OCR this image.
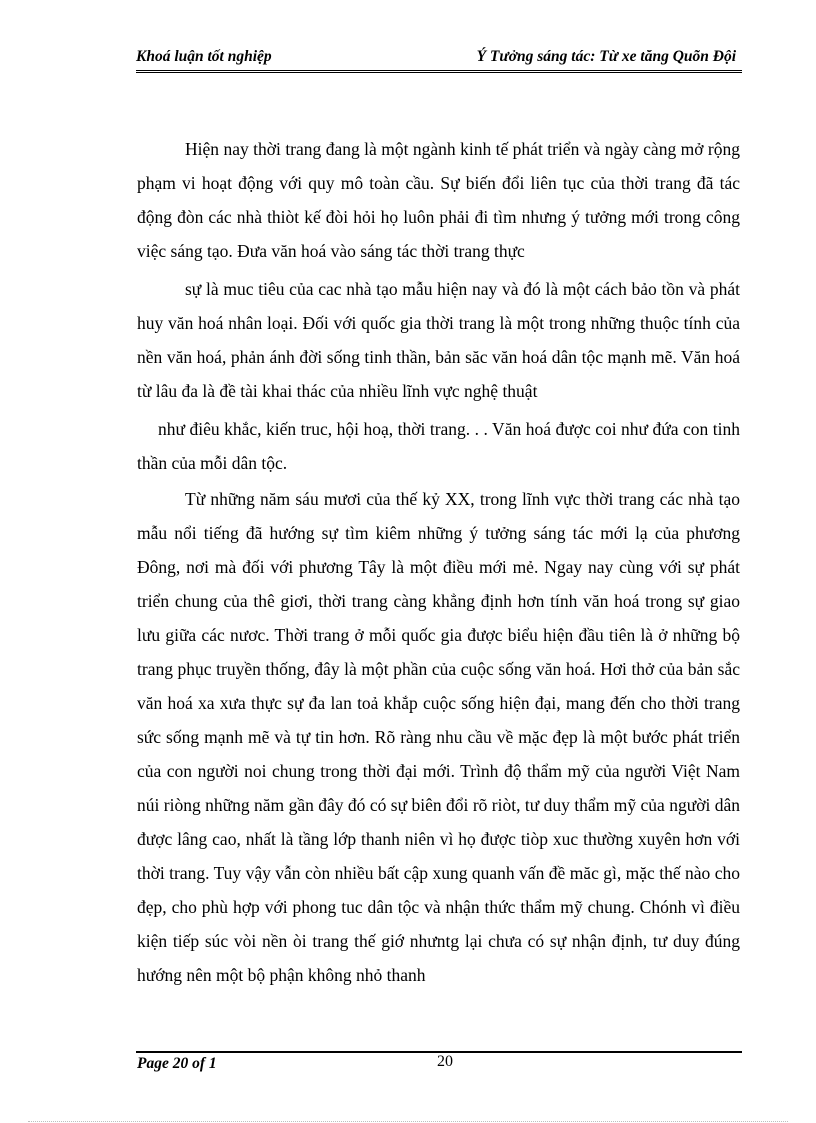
Khoá luận tốt nghiệp	Ý Tưởng sáng tác: Từ xe tăng Quõn Đội

Hiện nay thời trang đang là một ngành kinh tế phát triển và ngày càng mở rộng phạm vi hoạt động với quy mô toàn cầu. Sự biến đổi liên tục của thời trang đã tác động đòn các nhà thiòt kế đòi hỏi họ luôn phải đi tìm nhưng ý tưởng mới trong công việc sáng tạo. Đưa văn hoá vào sáng tác thời trang thực

sự là muc tiêu của cac nhà tạo mẫu hiện nay và đó là một cách bảo tồn và phát huy văn hoá nhân loại. Đối với quốc gia thời trang là một trong những thuộc tính của nền văn hoá, phản ánh đời sống tinh thần, bản săc văn hoá dân tộc mạnh mẽ. Văn hoá từ lâu đa là đề tài khai thác của nhiều lĩnh vực nghệ thuật

như điêu khắc, kiến truc, hội hoạ, thời trang. . . Văn hoá được coi như đứa con tinh thần của mỗi dân tộc.

Từ những năm sáu mươi của thế kỷ XX, trong lĩnh vực thời trang các nhà tạo mẫu nổi tiếng đã hướng sự tìm kiêm những ý tưởng sáng tác mới lạ của phương Đông, nơi mà đối với phương Tây là một điều mới mẻ. Ngay nay cùng với sự phát triển chung của thê giơi, thời trang càng khẳng định hơn tính văn hoá trong sự giao lưu giữa các nươc. Thời trang ở mỗi quốc gia được biểu hiện đầu tiên là ở những bộ trang phục truyền thống, đây là một phần của cuộc sống văn hoá. Hơi thở của bản sắc văn hoá xa xưa thực sự đa lan toả khắp cuộc sống hiện đại, mang đến cho thời trang sức sống mạnh mẽ và tự tin hơn. Rõ ràng nhu cầu về mặc đẹp là một bước phát triển của con người noi chung trong thời đại mới. Trình độ thẩm mỹ của người Việt Nam núi riòng những năm gần đây đó có sự biên đổi rõ riòt, tư duy thẩm mỹ của người dân được lâng cao, nhất là tầng lớp thanh niên vì họ được tiòp xuc thường xuyên hơn với thời trang. Tuy vậy vẫn còn nhiều bất cập xung quanh vấn đề măc gì, mặc thế nào cho đẹp, cho phù hợp với phong tuc dân tộc và nhận thức thẩm mỹ chung. Chónh vì điều kiện tiếp súc vòi nền òi trang thế giớ nhưntg lại chưa có sự nhận định, tư duy đúng hướng nên một bộ phận không nhỏ thanh

Page 20 of 1	20
